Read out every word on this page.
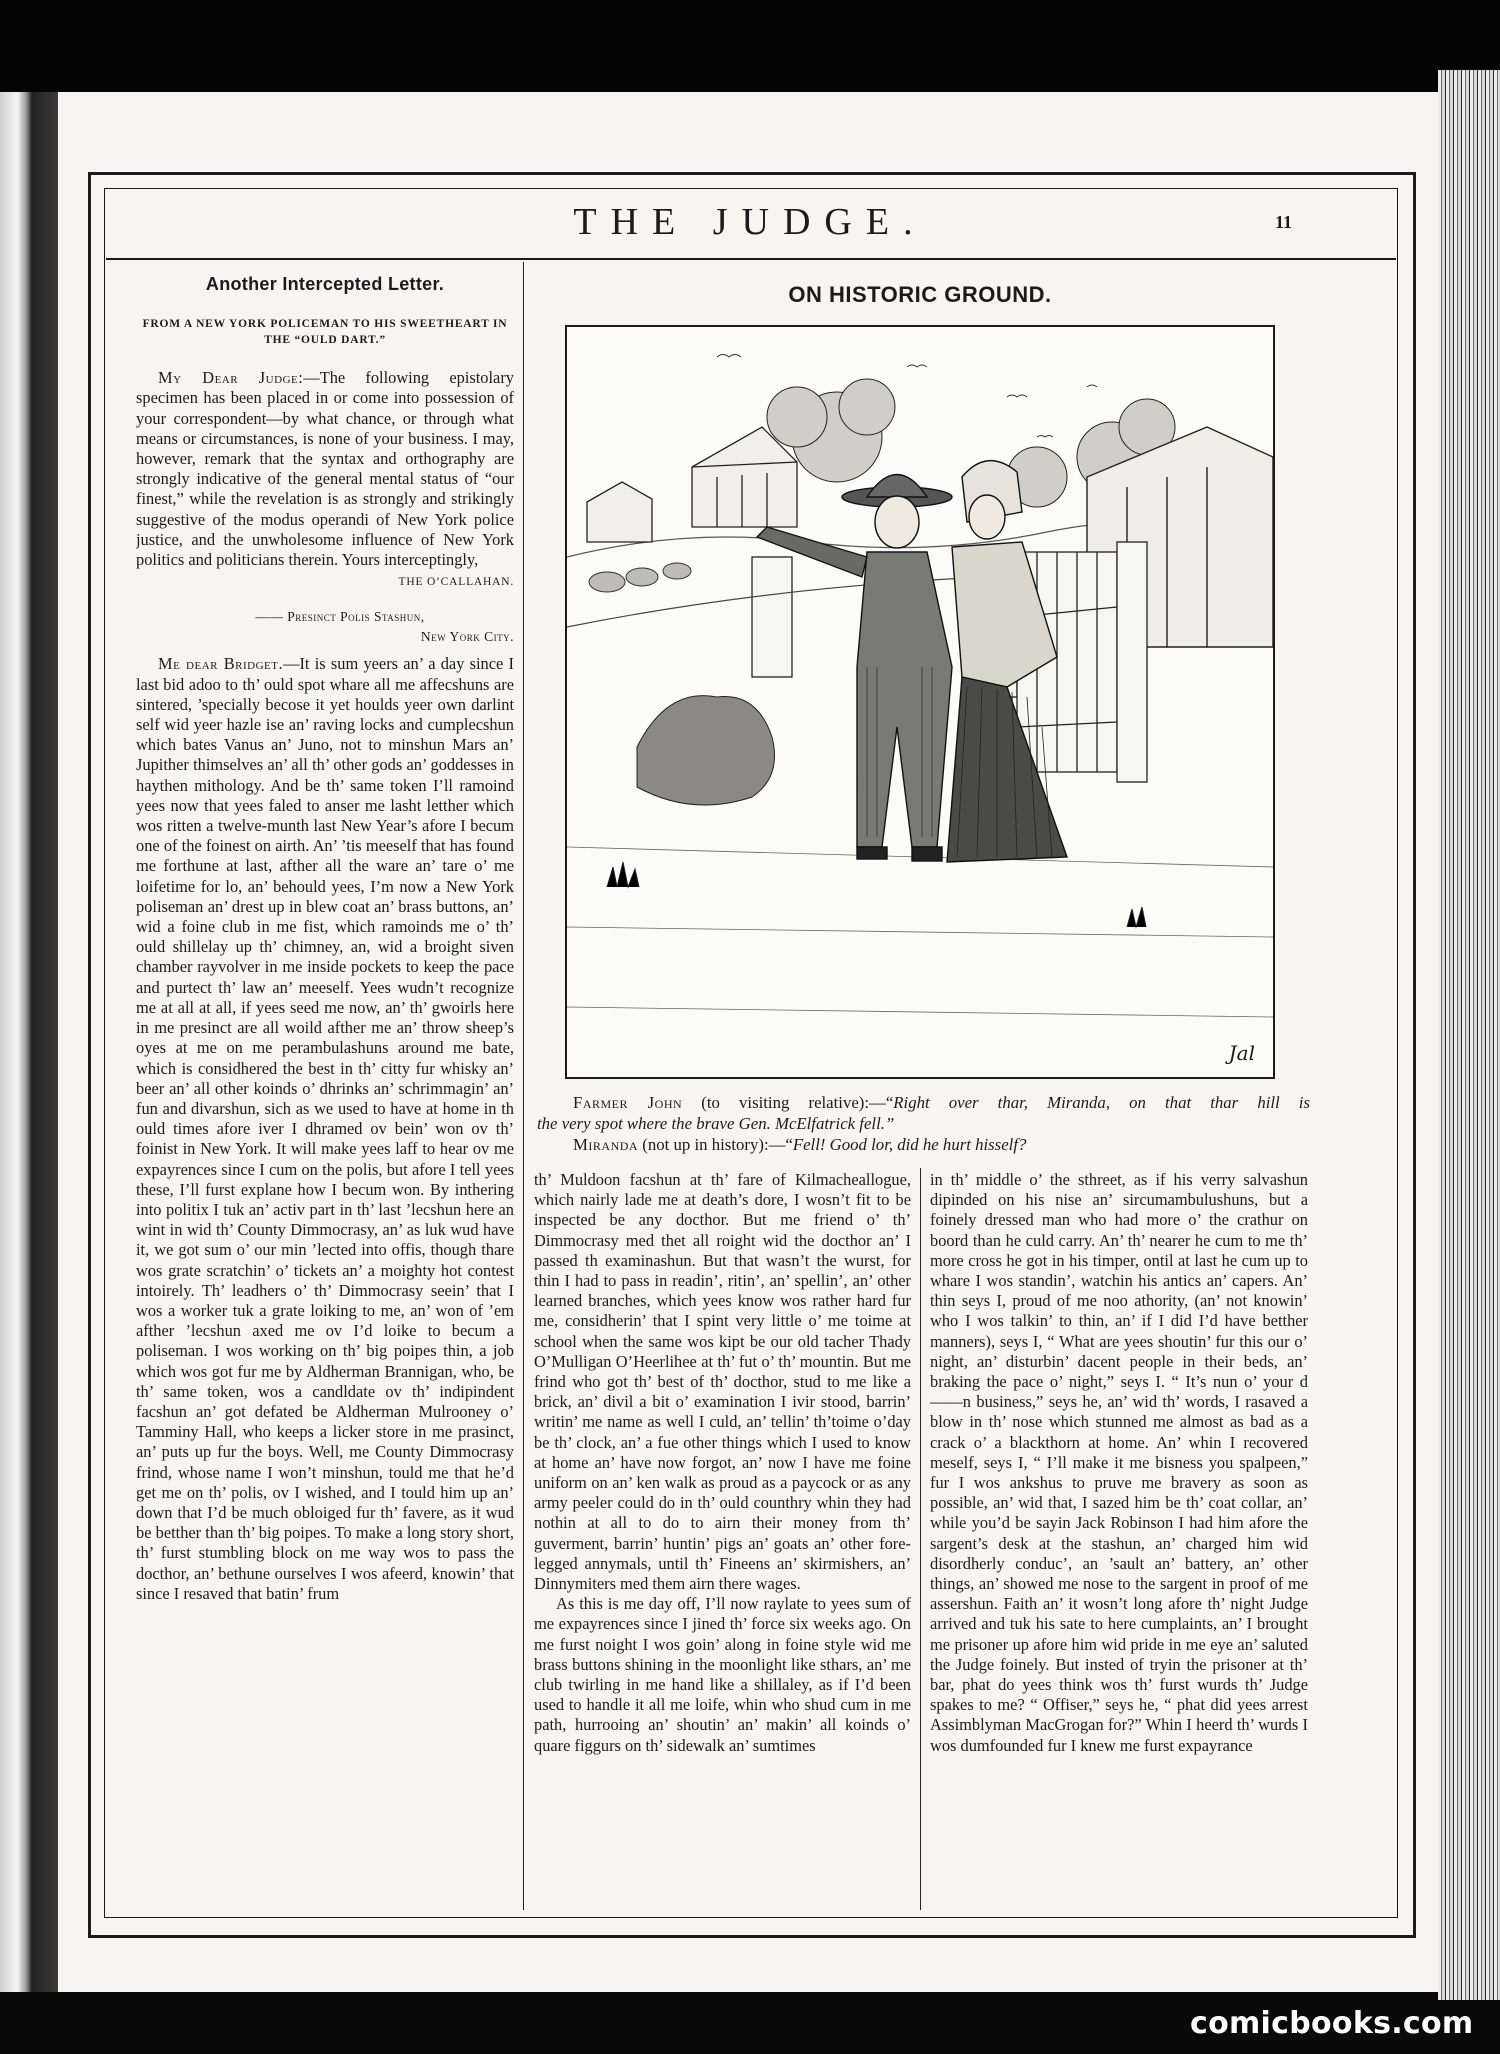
THE JUDGE.	11
Another Intercepted Letter.
FROM A NEW YORK POLICEMAN TO HIS SWEETHEART IN THE “OULD DART.”

My Dear Judge:—The following epistolary specimen has been placed in or come into possession of your correspondent—by what chance, or through what means or circumstances, is none of your business. I may, however, remark that the syntax and orthography are strongly indicative of the general mental status of “our finest,” while the revelation is as strongly and strikingly suggestive of the modus operandi of New York police justice, and the unwholesome influence of New York politics and politicians therein. Yours interceptingly,

THE O’CALLAHAN.
—— Presinct Polis Stashun,
New York City.

Me dear Bridget.—It is sum yeers an’ a day since I last bid adoo to th’ ould spot whare all me affecshuns are sintered, ’specially becose it yet houlds yeer own darlint self wid yeer hazle ise an’ raving locks and cumplecshun which bates Vanus an’ Juno, not to minshun Mars an’ Jupither thimselves an’ all th’ other gods an’ goddesses in haythen mithology. And be th’ same token I’ll ramoind yees now that yees faled to anser me lasht letther which wos ritten a twelve-munth last New Year’s afore I becum one of the foinest on airth. An’ ’tis meeself that has found me forthune at last, afther all the ware an’ tare o’ me loifetime for lo, an’ behould yees, I’m now a New York poliseman an’ drest up in blew coat an’ brass buttons, an’ wid a foine club in me fist, which ramoinds me o’ th’ ould shillelay up th’ chimney, an, wid a broight siven chamber rayvolver in me inside pockets to keep the pace and purtect th’ law an’ meeself. Yees wudn’t recognize me at all at all, if yees seed me now, an’ th’ gwoirls here in me presinct are all woild afther me an’ throw sheep’s oyes at me on me perambulashuns around me bate, which is considhered the best in th’ citty fur whisky an’ beer an’ all other koinds o’ dhrinks an’ schrimmagin’ an’ fun and divarshun, sich as we used to have at home in th ould times afore iver I dhramed ov bein’ won ov th’ foinist in New York. It will make yees laff to hear ov me expayrences since I cum on the polis, but afore I tell yees these, I’ll furst explane how I becum won. By inthering into politix I tuk an’ activ part in th’ last ’lecshun here an wint in wid th’ County Dimmocrasy, an’ as luk wud have it, we got sum o’ our min ’lected into offis, though thare wos grate scratchin’ o’ tickets an’ a moighty hot contest intoirely. Th’ leadhers o’ th’ Dimmocrasy seein’ that I wos a worker tuk a grate loiking to me, an’ won of ’em afther ’lecshun axed me ov I’d loike to becum a poliseman. I wos working on th’ big poipes thin, a job which wos got fur me by Aldherman Brannigan, who, be th’ same token, wos a candldate ov th’ indipindent facshun an’ got defated be Aldherman Mulrooney o’ Tamminy Hall, who keeps a licker store in me prasinct, an’ puts up fur the boys. Well, me County Dimmocrasy frind, whose name I won’t minshun, tould me that he’d get me on th’ polis, ov I wished, and I tould him up an’ down that I’d be much obloiged fur th’ favere, as it wud be betther than th’ big poipes. To make a long story short, th’ furst stumbling block on me way wos to pass the docthor, an’ bethune ourselves I wos afeerd, knowin’ that since I resaved that batin’ frum

ON HISTORIC GROUND.
Jal
Farmer John (to visiting relative):—“Right over thar, Miranda, on that thar hill is
the very spot where the brave Gen. McElfatrick fell.”
Miranda (not up in history):—“Fell! Good lor, did he hurt hisself?

th’ Muldoon facshun at th’ fare of Kilmacheallogue, which nairly lade me at death’s dore, I wosn’t fit to be inspected be any docthor. But me friend o’ th’ Dimmocrasy med thet all roight wid the docthor an’ I passed th examinashun. But that wasn’t the wurst, for thin I had to pass in readin’, ritin’, an’ spellin’, an’ other learned branches, which yees know wos rather hard fur me, considherin’ that I spint very little o’ me toime at school when the same wos kipt be our old tacher Thady O’Mulligan O’Heerlihee at th’ fut o’ th’ mountin. But me frind who got th’ best of th’ docthor, stud to me like a brick, an’ divil a bit o’ examination I ivir stood, barrin’ writin’ me name as well I culd, an’ tellin’ th’toime o’day be th’ clock, an’ a fue other things which I used to know at home an’ have now forgot, an’ now I have me foine uniform on an’ ken walk as proud as a paycock or as any army peeler could do in th’ ould counthry whin they had nothin at all to do to airn their money from th’ guverment, barrin’ huntin’ pigs an’ goats an’ other fore-legged annymals, until th’ Fineens an’ skirmishers, an’ Dinnymiters med them airn there wages.

As this is me day off, I’ll now raylate to yees sum of me expayrences since I jined th’ force six weeks ago. On me furst noight I wos goin’ along in foine style wid me brass buttons shining in the moonlight like sthars, an’ me club twirling in me hand like a shillaley, as if I’d been used to handle it all me loife, whin who shud cum in me path, hurrooing an’ shoutin’ an’ makin’ all koinds o’ quare figgurs on th’ sidewalk an’ sumtimes

in th’ middle o’ the sthreet, as if his verry salvashun dipinded on his nise an’ sircumambulushuns, but a foinely dressed man who had more o’ the crathur on boord than he culd carry. An’ th’ nearer he cum to me th’ more cross he got in his timper, ontil at last he cum up to whare I wos standin’, watchin his antics an’ capers. An’ thin seys I, proud of me noo athority, (an’ not knowin’ who I wos talkin’ to thin, an’ if I did I’d have betther manners), seys I, “ What are yees shoutin’ fur this our o’ night, an’ disturbin’ dacent people in their beds, an’ braking the pace o’ night,” seys I. “ It’s nun o’ your d——n business,” seys he, an’ wid th’ words, I rasaved a blow in th’ nose which stunned me almost as bad as a crack o’ a blackthorn at home. An’ whin I recovered meself, seys I, “ I’ll make it me bisness you spalpeen,” fur I wos ankshus to pruve me bravery as soon as possible, an’ wid that, I sazed him be th’ coat collar, an’ while you’d be sayin Jack Robinson I had him afore the sargent’s desk at the stashun, an’ charged him wid disordherly conduc’, an ’sault an’ battery, an’ other things, an’ showed me nose to the sargent in proof of me assershun. Faith an’ it wosn’t long afore th’ night Judge arrived and tuk his sate to here cumplaints, an’ I brought me prisoner up afore him wid pride in me eye an’ saluted the Judge foinely. But insted of tryin the prisoner at th’ bar, phat do yees think wos th’ furst wurds th’ Judge spakes to me? “ Offiser,” seys he, “ phat did yees arrest Assimblyman MacGrogan for?” Whin I heerd th’ wurds I wos dumfounded fur I knew me furst expayrance

comicbooks.com
